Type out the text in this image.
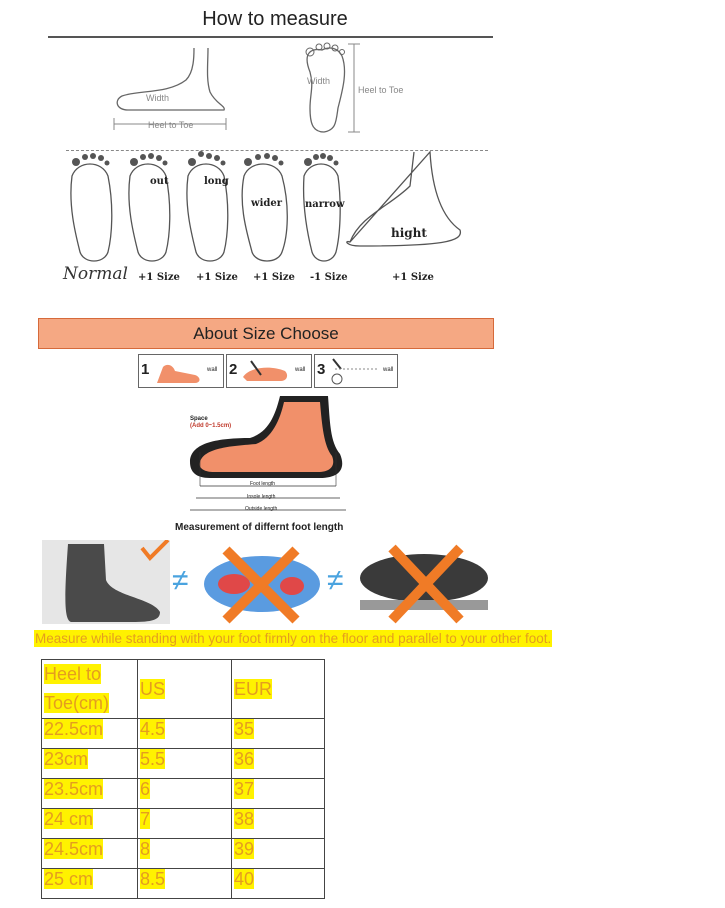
How to measure
Width
Heel to Toe
Width
Heel to Toe
out	long
wider narrow
hight
Normal +1 Size +1 Size +1 Size -1 Size	+1 Size
About Size Choose
1	wall 2	wall 3	wall
Space
(Add 0~1.5cm)
Foot length
Insole length
Outside length
Measurement of differnt foot length
≠	≠
Measure while standing with your foot firmly on the floor and parallel to your other foot.
Heel to
Toe(cm)	US	EUR
22.5cm	4.5	35
23cm	5.5	36
23.5cm	6	37
24 cm	7	38
24.5cm	8	39
25 cm	8.5	40
